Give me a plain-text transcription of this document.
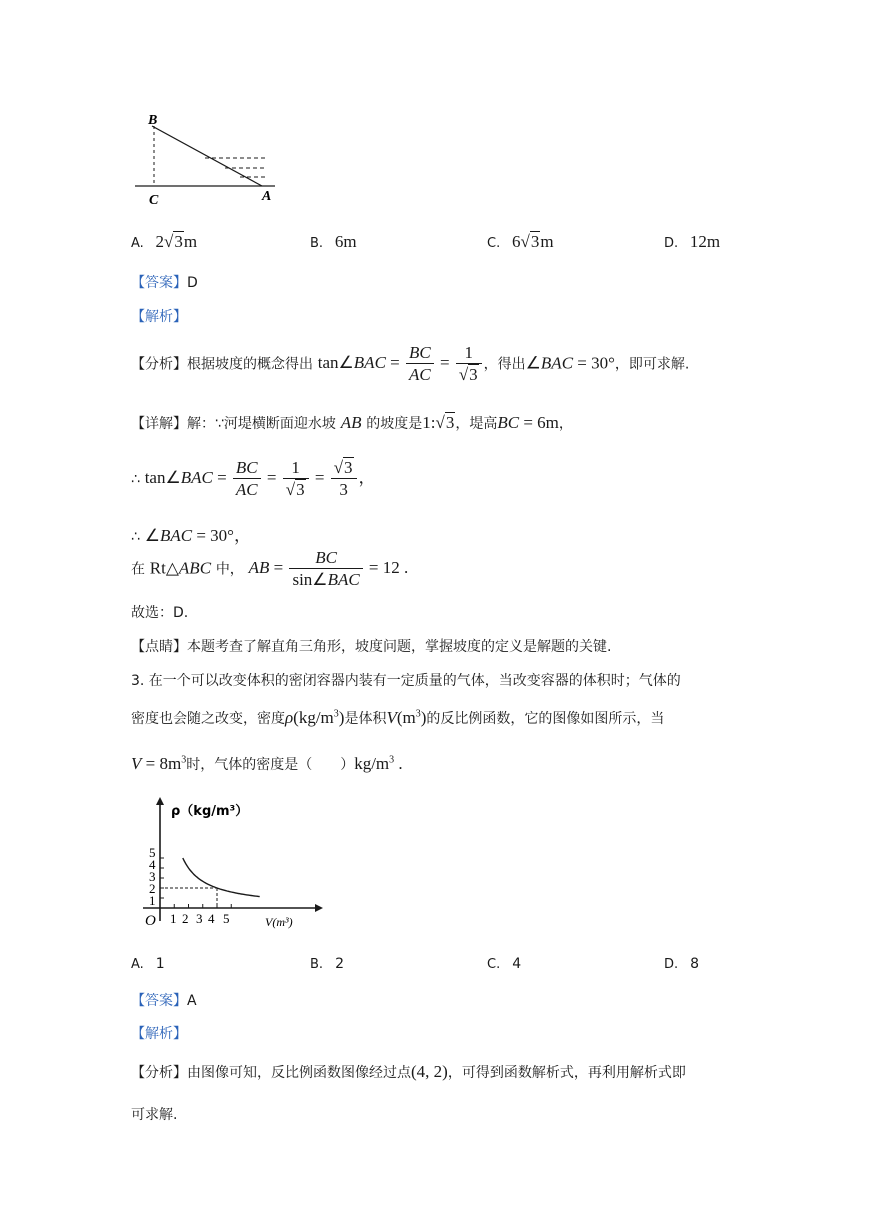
B
C	A
A. 2√3m	B. 6m	C. 6√3m	D. 12m
【答案】D
【解析】
【分析】根据坡度的概念得出 tan∠BAC = $\frac{BC}{AC} = \frac{1}{√3}$ ，得出∠BAC = 30°，即可求解.
【详解】解：∵河堤横断面迎水坡 AB 的坡度是1:√3，堤高BC = 6m，
∴ tan∠BAC = $\frac{BC}{AC} = \frac{1}{√3} = \frac{√3}{3}$ ，
∴ ∠BAC = 30°，
在 Rt△ABC 中， AB = $\frac{BC}{\text{sin∠BAC}} = 12$ .
故选：D.
【点睛】本题考查了解直角三角形，坡度问题，掌握坡度的定义是解题的关键.
3. 在一个可以改变体积的密闭容器内装有一定质量的气体，当改变容器的体积时；气体的
密度也会随之改变，密度$\rho(kg/m^3)$是体积$V(m^3)$的反比例函数，它的图像如图所示，当
$V = 8m^3$时，气体的密度是（　　）$kg/m^3$ .
ρ（kg/m³）
V(m³)
O
5
4
3
2
1
1 2 3 4 5
A. 1	B. 2	C. 4	D. 8
【答案】A
【解析】
【分析】由图像可知，反比例函数图像经过点(4, 2)，可得到函数解析式，再利用解析式即
可求解.
